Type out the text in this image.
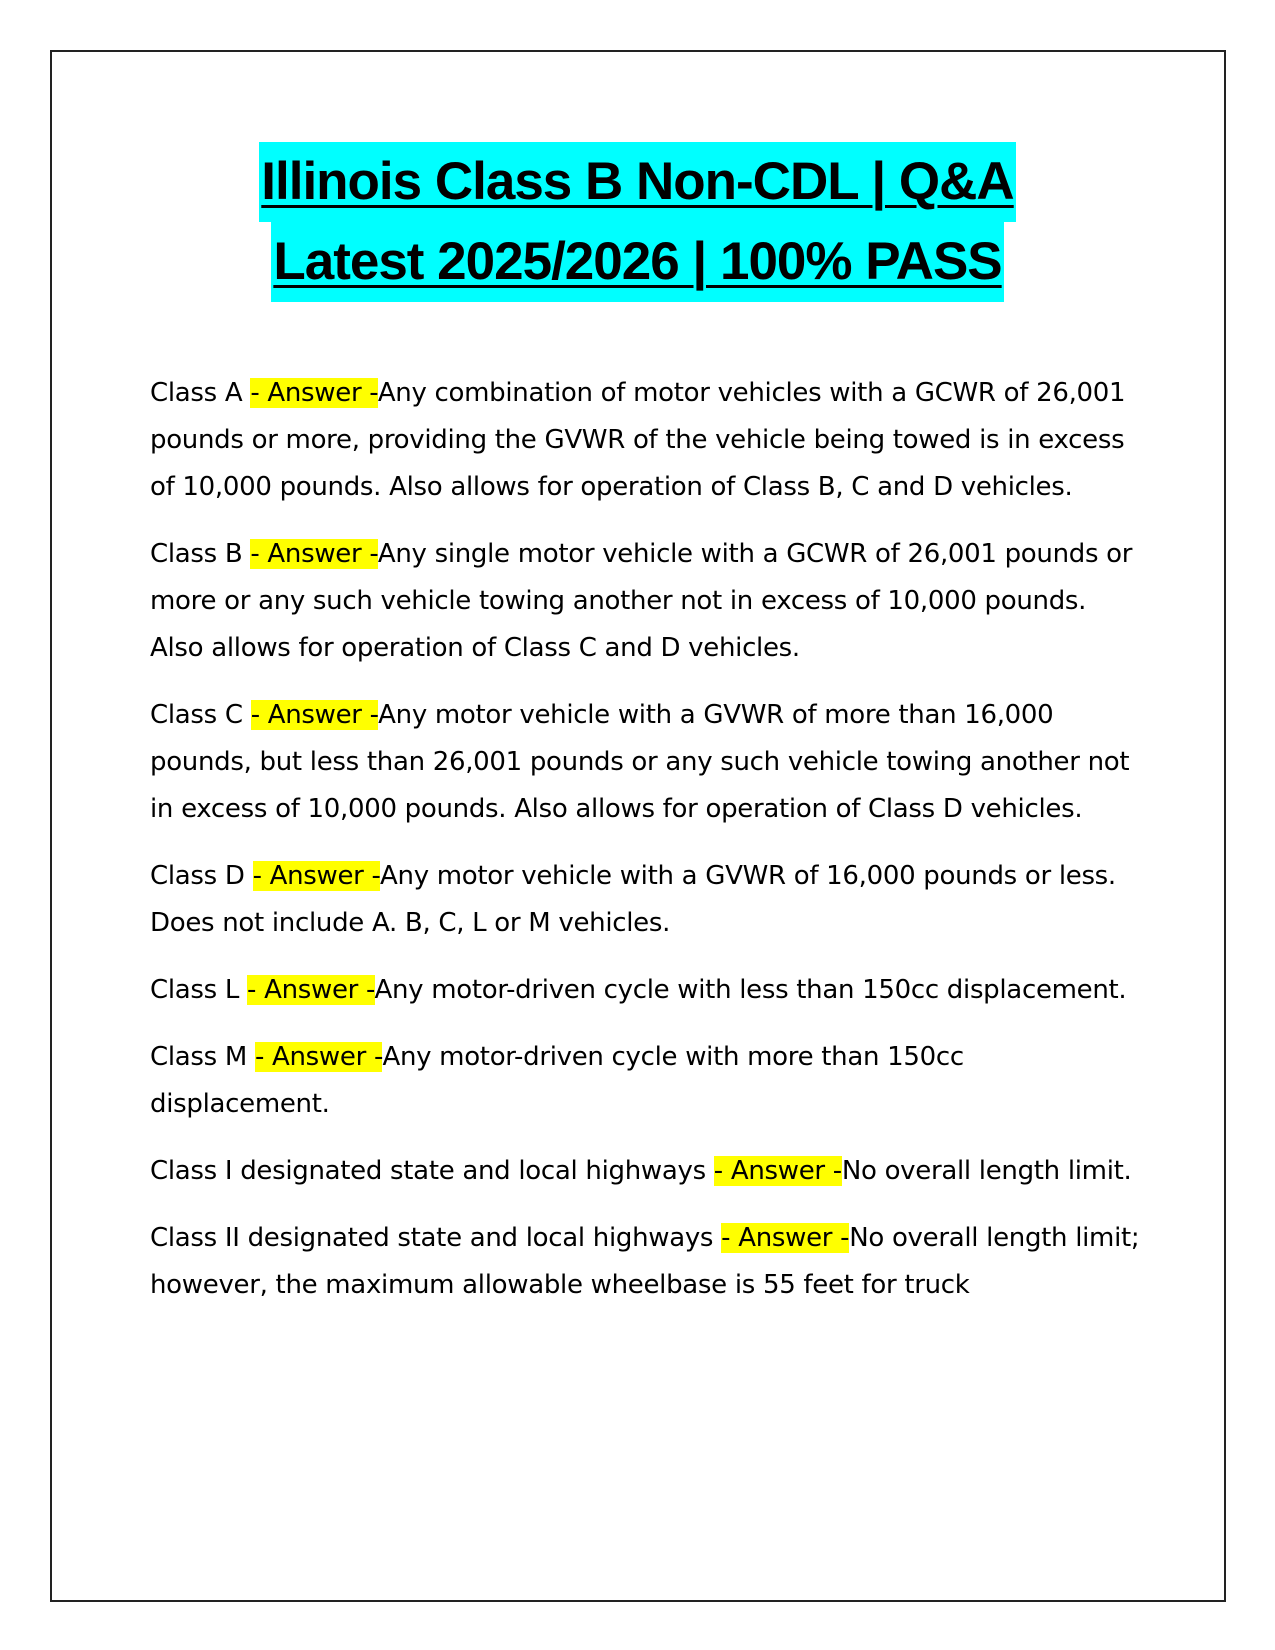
Illinois Class B Non-CDL | Q&A
Latest 2025/2026 | 100% PASS

Class A - Answer -Any combination of motor vehicles with a GCWR of 26,001 pounds or more, providing the GVWR of the vehicle being towed is in excess of 10,000 pounds. Also allows for operation of Class B, C and D vehicles.

Class B - Answer -Any single motor vehicle with a GCWR of 26,001 pounds or more or any such vehicle towing another not in excess of 10,000 pounds. Also allows for operation of Class C and D vehicles.

Class C - Answer -Any motor vehicle with a GVWR of more than 16,000 pounds, but less than 26,001 pounds or any such vehicle towing another not in excess of 10,000 pounds. Also allows for operation of Class D vehicles.

Class D - Answer -Any motor vehicle with a GVWR of 16,000 pounds or less. Does not include A. B, C, L or M vehicles.

Class L - Answer -Any motor-driven cycle with less than 150cc displacement.

Class M - Answer -Any motor-driven cycle with more than 150cc displacement.

Class I designated state and local highways - Answer -No overall length limit.

Class II designated state and local highways - Answer -No overall length limit; however, the maximum allowable wheelbase is 55 feet for truck
